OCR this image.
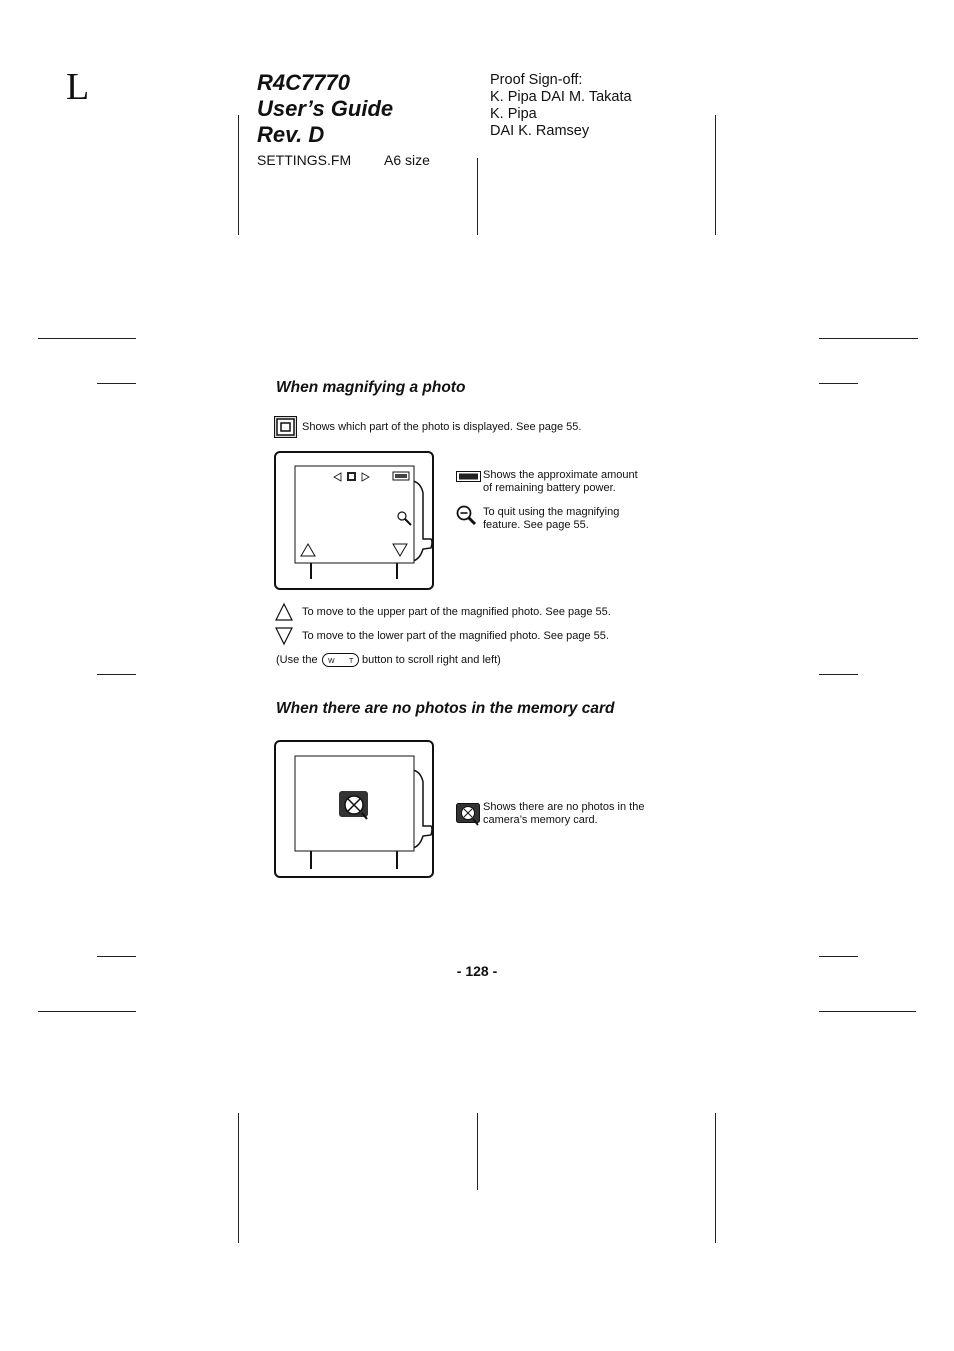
L	R4C7770
User’s Guide
Rev. D
SETTINGS.FM A6 size
Proof Sign-off:
K. Pipa DAI M. Takata
K. Pipa
DAI K. Ramsey
When magnifying a photo
Shows which part of the photo is displayed. See page 55.
Shows the approximate amount
of remaining battery power.
To quit using the magnifying
feature. See page 55.
To move to the upper part of the magnified photo. See page 55.
To move to the lower part of the magnified photo. See page 55.
(Use the W T button to scroll right and left)
When there are no photos in the memory card
Shows there are no photos in the
camera’s memory card.
- 128 -
